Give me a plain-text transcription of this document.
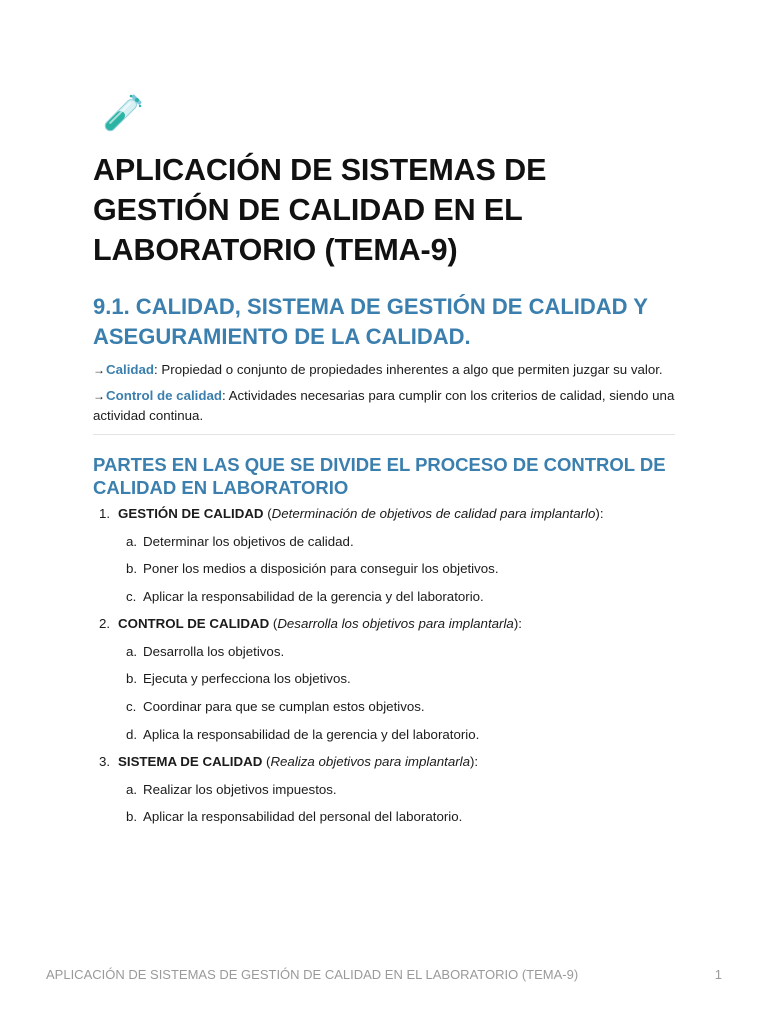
APLICACIÓN DE SISTEMAS DE GESTIÓN DE CALIDAD EN EL LABORATORIO (TEMA-9)
9.1. CALIDAD, SISTEMA DE GESTIÓN DE CALIDAD Y ASEGURAMIENTO DE LA CALIDAD.

→Calidad: Propiedad o conjunto de propiedades inherentes a algo que permiten juzgar su valor.

→Control de calidad: Actividades necesarias para cumplir con los criterios de calidad, siendo una actividad continua.

PARTES EN LAS QUE SE DIVIDE EL PROCESO DE CONTROL DE CALIDAD EN LABORATORIO
1. GESTIÓN DE CALIDAD (Determinación de objetivos de calidad para implantarlo):
a. Determinar los objetivos de calidad.
b. Poner los medios a disposición para conseguir los objetivos.
c. Aplicar la responsabilidad de la gerencia y del laboratorio.
2. CONTROL DE CALIDAD (Desarrolla los objetivos para implantarla):
a. Desarrolla los objetivos.
b. Ejecuta y perfecciona los objetivos.
c. Coordinar para que se cumplan estos objetivos.
d. Aplica la responsabilidad de la gerencia y del laboratorio.
3. SISTEMA DE CALIDAD (Realiza objetivos para implantarla):
a. Realizar los objetivos impuestos.
b. Aplicar la responsabilidad del personal del laboratorio.
APLICACIÓN DE SISTEMAS DE GESTIÓN DE CALIDAD EN EL LABORATORIO (TEMA-9)	1
